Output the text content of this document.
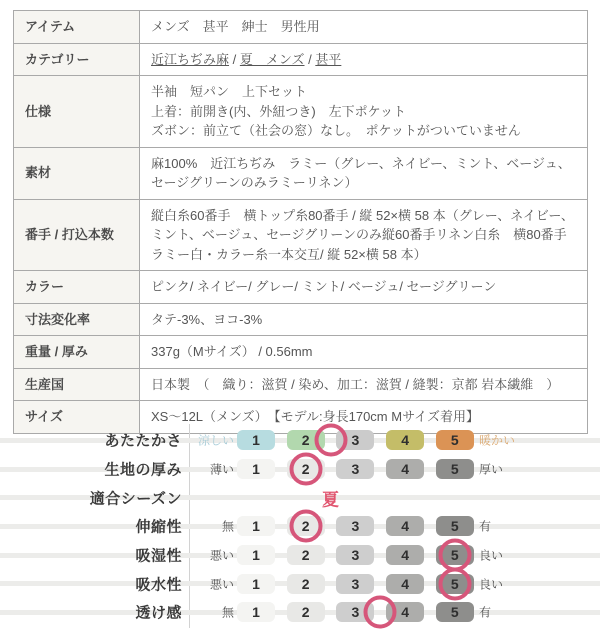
アイテム	メンズ　甚平　紳士　男性用

カテゴリー	近江ちぢみ麻 / 夏　メンズ / 甚平
仕様	半袖　短パン　上下セット
上着：前開き(内、外紐つき)　左下ポケット
ズボン：前立て（社会の窓）なし。　ポケットがついていません

素材	麻100%　近江ちぢみ　ラミー（グレー、ネイビー、ミント、ベージュ、セージグリーンのみラミーリネン）

番手 / 打込本数	縦白糸60番手　横トップ糸80番手 / 縦 52×横 58 本（グレー、ネイビー、ミント、ベージュ、セージグリーンのみ縦60番手リネン白糸　横80番手ラミー白・カラー糸一本交互/ 縦 52×横 58 本）

カラー	ピンク/ ネイビー/ グレー/ ミント/ ベージュ/ セージグリーン

寸法変化率	タテ-3%、ヨコ-3%

重量 / 厚み	337g（Mサイズ） / 0.56mm

生産国	日本製　（　織り：滋賀 / 染め、加工：滋賀 / 縫製：京都 岩本繊維　）

サイズ	XS〜12L（メンズ）　【モデル:身長170cm Mサイズ着用】
あたたかさ	涼しい	1	2	3	4	5	暖かい
生地の厚み	薄い	1	2	3	4	5	厚い
適合シーズン	夏
伸縮性	無	1	2	3	4	5	有
吸湿性	悪い	1	2	3	4	5	良い
吸水性	悪い	1	2	3	4	5	良い
透け感	無	1	2	3	4	5	有
